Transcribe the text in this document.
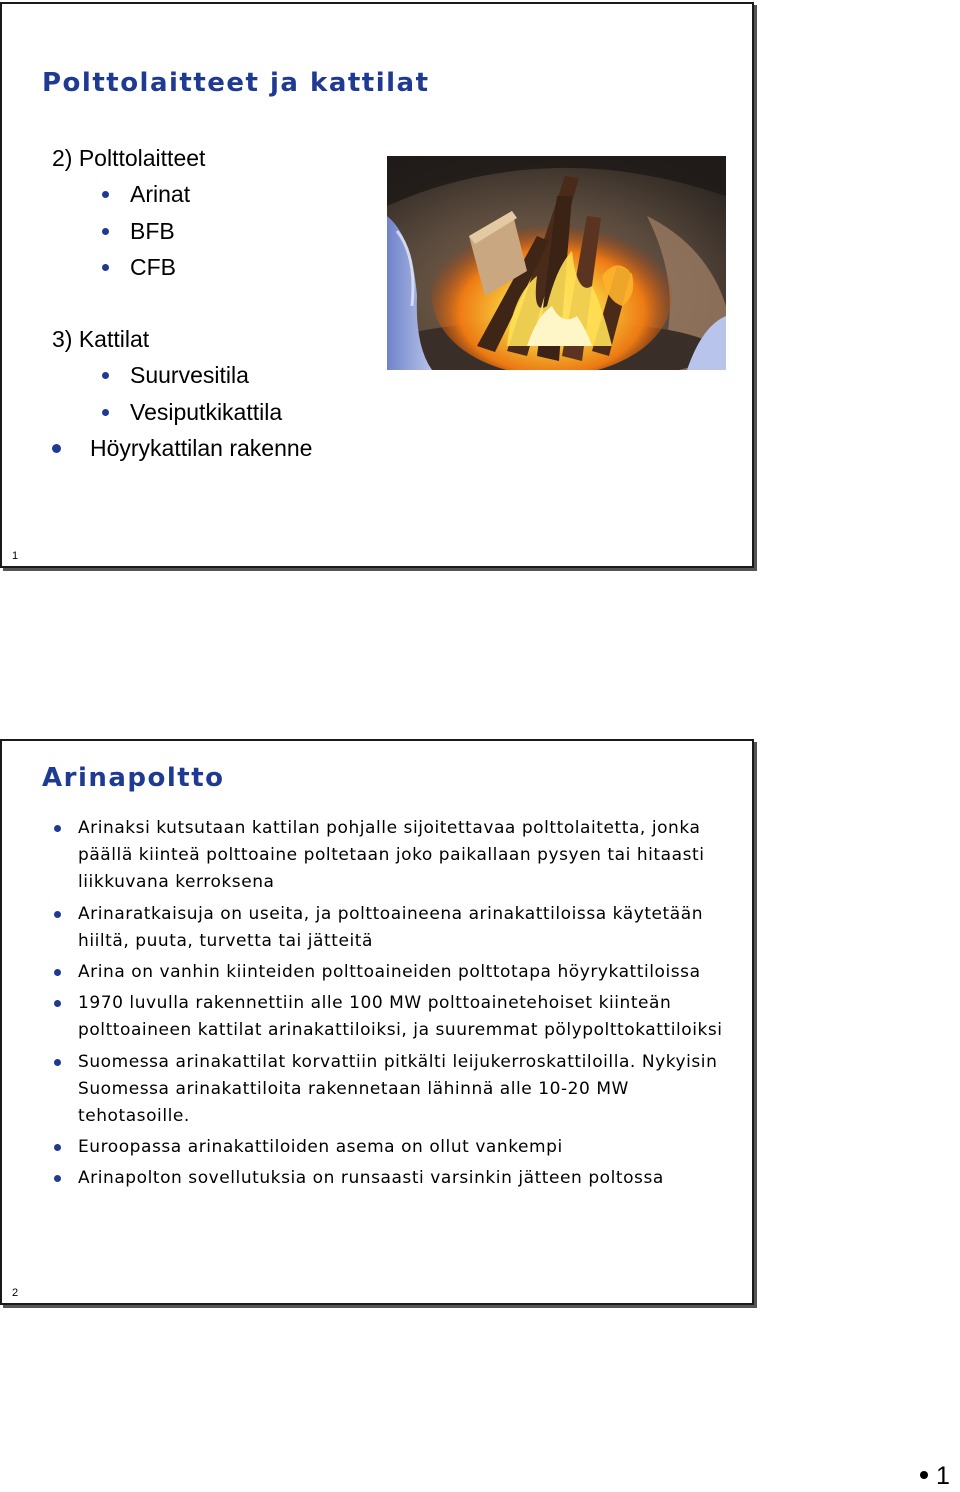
Polttolaitteet ja kattilat
2) Polttolaitteet
Arinat
BFB
CFB
3) Kattilat
Suurvesitila
Vesiputkikattila
Höyrykattilan rakenne
1
Arinapoltto
Arinaksi kutsutaan kattilan pohjalle sijoitettavaa polttolaitetta, jonka päällä kiinteä polttoaine poltetaan joko paikallaan pysyen tai hitaasti liikkuvana kerroksena
Arinaratkaisuja on useita, ja polttoaineena arinakattiloissa käytetään hiiltä, puuta, turvetta tai jätteitä
Arina on vanhin kiinteiden polttoaineiden polttotapa höyrykattiloissa
1970 luvulla rakennettiin alle 100 MW polttoainetehoiset kiinteän polttoaineen kattilat arinakattiloiksi, ja suuremmat pölypolttokattiloiksi
Suomessa arinakattilat korvattiin pitkälti leijukerroskattiloilla. Nykyisin Suomessa arinakattiloita rakennetaan lähinnä alle 10-20 MW tehotasoille.
Euroopassa arinakattiloiden asema on ollut vankempi
Arinapolton sovellutuksia on runsaasti varsinkin jätteen poltossa
2
1
